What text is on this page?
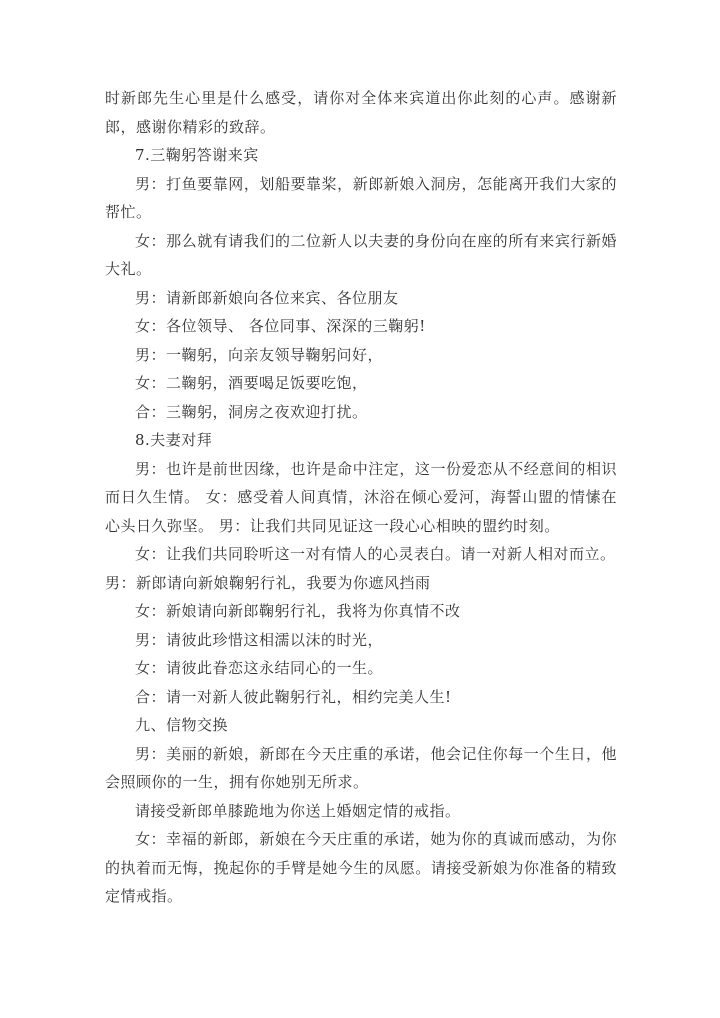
时新郎先生心里是什么感受，请你对全体来宾道出你此刻的心声。感谢新郎，感谢你精彩的致辞。

7.三鞠躬答谢来宾

男：打鱼要靠网，划船要靠桨，新郎新娘入洞房，怎能离开我们大家的帮忙。

女：那么就有请我们的二位新人以夫妻的身份向在座的所有来宾行新婚大礼。

男：请新郎新娘向各位来宾、各位朋友

女：各位领导、 各位同事、深深的三鞠躬!

男：一鞠躬，向亲友领导鞠躬问好，

女：二鞠躬，酒要喝足饭要吃饱，

合：三鞠躬，洞房之夜欢迎打扰。

8.夫妻对拜

男：也许是前世因缘，也许是命中注定，这一份爱恋从不经意间的相识而日久生情。 女：感受着人间真情，沐浴在倾心爱河，海誓山盟的情愫在心头日久弥坚。 男：让我们共同见证这一段心心相映的盟约时刻。

女：让我们共同聆听这一对有情人的心灵表白。请一对新人相对而立。

男：新郎请向新娘鞠躬行礼，我要为你遮风挡雨

女：新娘请向新郎鞠躬行礼，我将为你真情不改

男：请彼此珍惜这相濡以沫的时光，

女：请彼此眷恋这永结同心的一生。

合：请一对新人彼此鞠躬行礼，相约完美人生!

九、信物交换

男：美丽的新娘，新郎在今天庄重的承诺，他会记住你每一个生日，他会照顾你的一生，拥有你她别无所求。

请接受新郎单膝跪地为你送上婚姻定情的戒指。

女：幸福的新郎，新娘在今天庄重的承诺，她为你的真诚而感动，为你的执着而无悔，挽起你的手臂是她今生的凤愿。请接受新娘为你准备的精致定情戒指。
